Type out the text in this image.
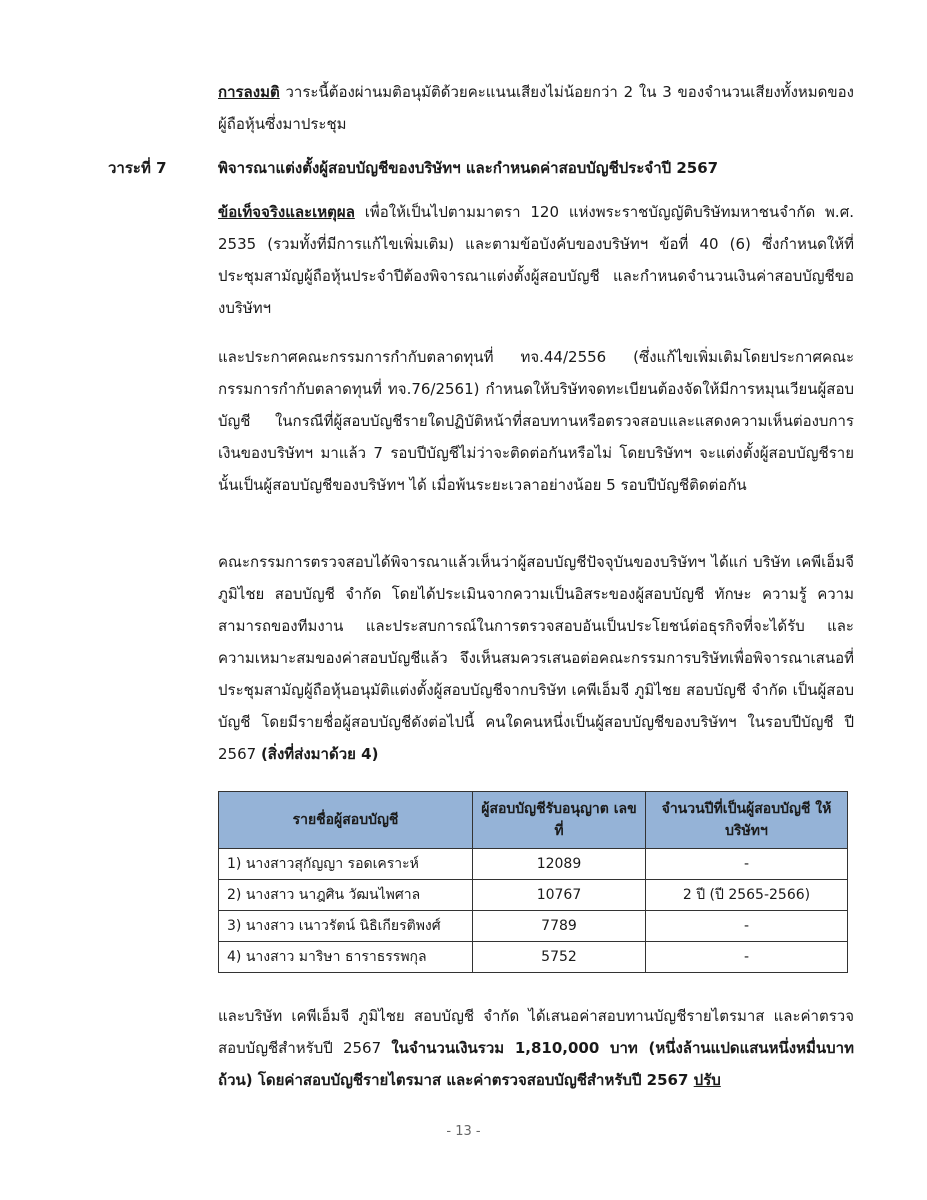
การลงมติ วาระนี้ต้องผ่านมติอนุมัติด้วยคะแนนเสียงไม่น้อยกว่า 2 ใน 3 ของจำนวนเสียงทั้งหมดของผู้ถือหุ้นซึ่งมาประชุม

วาระที่ 7	พิจารณาแต่งตั้งผู้สอบบัญชีของบริษัทฯ และกำหนดค่าสอบบัญชีประจำปี 2567

ข้อเท็จจริงและเหตุผล เพื่อให้เป็นไปตามมาตรา 120 แห่งพระราชบัญญัติบริษัทมหาชนจำกัด พ.ศ. 2535 (รวมทั้งที่มีการแก้ไขเพิ่มเติม) และตามข้อบังคับของบริษัทฯ ข้อที่ 40 (6) ซึ่งกำหนดให้ที่ประชุมสามัญผู้ถือหุ้นประจำปีต้องพิจารณาแต่งตั้งผู้สอบบัญชี และกำหนดจำนวนเงินค่าสอบบัญชีของบริษัทฯ

และประกาศคณะกรรมการกำกับตลาดทุนที่ ทจ.44/2556 (ซึ่งแก้ไขเพิ่มเติมโดยประกาศคณะกรรมการกำกับตลาดทุนที่ ทจ.76/2561) กำหนดให้บริษัทจดทะเบียนต้องจัดให้มีการหมุนเวียนผู้สอบบัญชี ในกรณีที่ผู้สอบบัญชีรายใดปฏิบัติหน้าที่สอบทานหรือตรวจสอบและแสดงความเห็นต่องบการเงินของบริษัทฯ มาแล้ว 7 รอบปีบัญชีไม่ว่าจะติดต่อกันหรือไม่ โดยบริษัทฯ จะแต่งตั้งผู้สอบบัญชีรายนั้นเป็นผู้สอบบัญชีของบริษัทฯ ได้ เมื่อพ้นระยะเวลาอย่างน้อย 5 รอบปีบัญชีติดต่อกัน

คณะกรรมการตรวจสอบได้พิจารณาแล้วเห็นว่าผู้สอบบัญชีปัจจุบันของบริษัทฯ ได้แก่ บริษัท เคพีเอ็มจี ภูมิไชย สอบบัญชี จำกัด โดยได้ประเมินจากความเป็นอิสระของผู้สอบบัญชี ทักษะ ความรู้ ความสามารถของทีมงาน และประสบการณ์ในการตรวจสอบอันเป็นประโยชน์ต่อธุรกิจที่จะได้รับ และความเหมาะสมของค่าสอบบัญชีแล้ว จึงเห็นสมควรเสนอต่อคณะกรรมการบริษัทเพื่อพิจารณาเสนอที่ประชุมสามัญผู้ถือหุ้นอนุมัติแต่งตั้งผู้สอบบัญชีจากบริษัท เคพีเอ็มจี ภูมิไชย สอบบัญชี จำกัด เป็นผู้สอบบัญชี โดยมีรายชื่อผู้สอบบัญชีดังต่อไปนี้ คนใดคนหนึ่งเป็นผู้สอบบัญชีของบริษัทฯ ในรอบปีบัญชี ปี 2567 (สิ่งที่ส่งมาด้วย 4)

รายชื่อผู้สอบบัญชี	ผู้สอบบัญชีรับอนุญาต เลขที่	จำนวนปีที่เป็นผู้สอบบัญชี ให้บริษัทฯ
1) นางสาวสุกัญญา รอดเคราะห์	12089	-
2) นางสาว นาฎศิน วัฒนไพศาล	10767	2 ปี (ปี 2565-2566)
3) นางสาว เนาวรัตน์ นิธิเกียรติพงศ์	7789	-
4) นางสาว มาริษา ธาราธรรพกุล	5752	-

และบริษัท เคพีเอ็มจี ภูมิไชย สอบบัญชี จำกัด ได้เสนอค่าสอบทานบัญชีรายไตรมาส และค่าตรวจสอบบัญชีสำหรับปี 2567 ในจำนวนเงินรวม 1,810,000 บาท (หนึ่งล้านแปดแสนหนึ่งหมื่นบาทถ้วน) โดยค่าสอบบัญชีรายไตรมาส และค่าตรวจสอบบัญชีสำหรับปี 2567 ปรับ

- 13 -
